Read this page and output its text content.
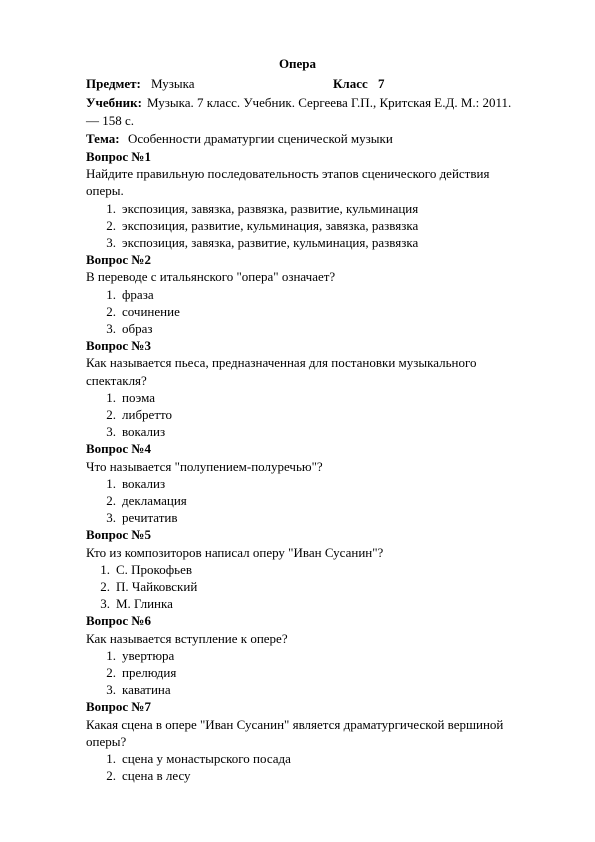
Опера
Предмет: Музыка	Класс 7
Учебник: Музыка. 7 класс. Учебник. Сергеева Г.П., Критская Е.Д. М.: 2011.
— 158 с.
Тема: Особенности драматургии сценической музыки
Вопрос №1
Найдите правильную последовательность этапов сценического действия
оперы.
1. экспозиция, завязка, развязка, развитие, кульминация
2. экспозиция, развитие, кульминация, завязка, развязка
3. экспозиция, завязка, развитие, кульминация, развязка
Вопрос №2
В переводе с итальянского "опера" означает?
1. фраза
2. сочинение
3. образ
Вопрос №3
Как называется пьеса, предназначенная для постановки музыкального
спектакля?
1. поэма
2. либретто
3. вокализ
Вопрос №4
Что называется "полупением-полуречью"?
1. вокализ
2. декламация
3. речитатив
Вопрос №5
Кто из композиторов написал оперу "Иван Сусанин"?
1. С. Прокофьев
2. П. Чайковский
3. М. Глинка
Вопрос №6
Как называется вступление к опере?
1. увертюра
2. прелюдия
3. каватина
Вопрос №7
Какая сцена в опере "Иван Сусанин" является драматургической вершиной
оперы?
1. сцена у монастырского посада
2. сцена в лесу
